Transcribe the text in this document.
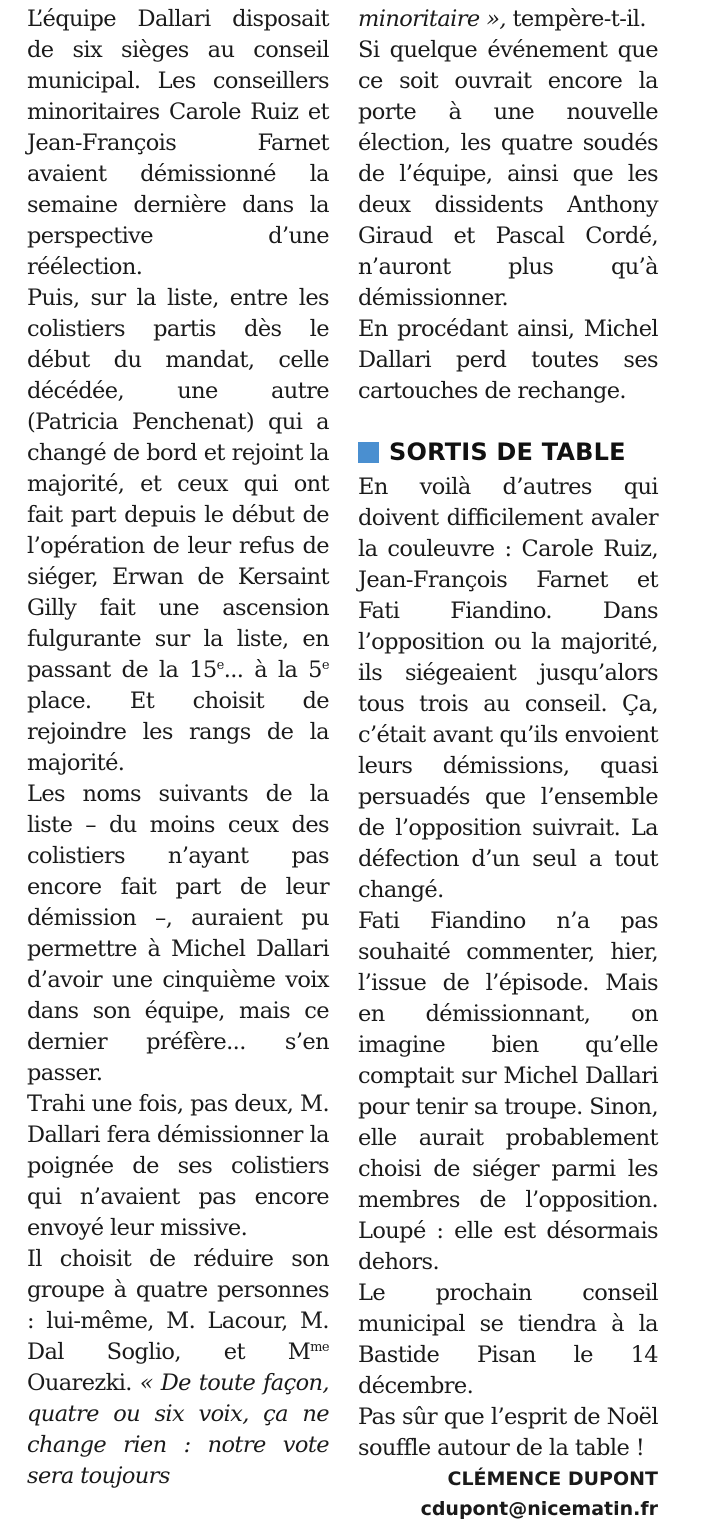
L’équipe Dallari disposait de six sièges au conseil municipal. Les conseillers minoritaires Carole Ruiz et Jean-François Farnet avaient démissionné la semaine dernière dans la perspective d’une réélection.

Puis, sur la liste, entre les colistiers partis dès le début du mandat, celle décédée, une autre (Patricia Penchenat) qui a changé de bord et rejoint la majorité, et ceux qui ont fait part depuis le début de l’opération de leur refus de siéger, Erwan de Kersaint Gilly fait une ascension fulgurante sur la liste, en passant de la 15e... à la 5e place. Et choisit de rejoindre les rangs de la majorité.

Les noms suivants de la liste – du moins ceux des colistiers n’ayant pas encore fait part de leur démission –, auraient pu permettre à Michel Dallari d’avoir une cinquième voix dans son équipe, mais ce dernier préfère... s’en passer.

Trahi une fois, pas deux, M. Dallari fera démissionner la poignée de ses colistiers qui n’avaient pas encore envoyé leur missive.

Il choisit de réduire son groupe à quatre personnes : lui-même, M. Lacour, M. Dal Soglio, et $M^{me}$ Ouarezki. « De toute façon, quatre ou six voix, ça ne change rien : notre vote sera toujours

minoritaire », tempère-t-il.

Si quelque événement que ce soit ouvrait encore la porte à une nouvelle élection, les quatre soudés de l’équipe, ainsi que les deux dissidents Anthony Giraud et Pascal Cordé, n’auront plus qu’à démissionner.

En procédant ainsi, Michel Dallari perd toutes ses cartouches de rechange.

SORTIS DE TABLE

En voilà d’autres qui doivent difficilement avaler la couleuvre : Carole Ruiz, Jean-François Farnet et Fati Fiandino. Dans l’opposition ou la majorité, ils siégeaient jusqu’alors tous trois au conseil. Ça, c’était avant qu’ils envoient leurs démissions, quasi persuadés que l’ensemble de l’opposition suivrait. La défection d’un seul a tout changé.

Fati Fiandino n’a pas souhaité commenter, hier, l’issue de l’épisode. Mais en démissionnant, on imagine bien qu’elle comptait sur Michel Dallari pour tenir sa troupe. Sinon, elle aurait probablement choisi de siéger parmi les membres de l’opposition. Loupé : elle est désormais dehors.

Le prochain conseil municipal se tiendra à la Bastide Pisan le 14 décembre.

Pas sûr que l’esprit de Noël souffle autour de la table !

CLÉMENCE DUPONT
cdupont@nicematin.fr
